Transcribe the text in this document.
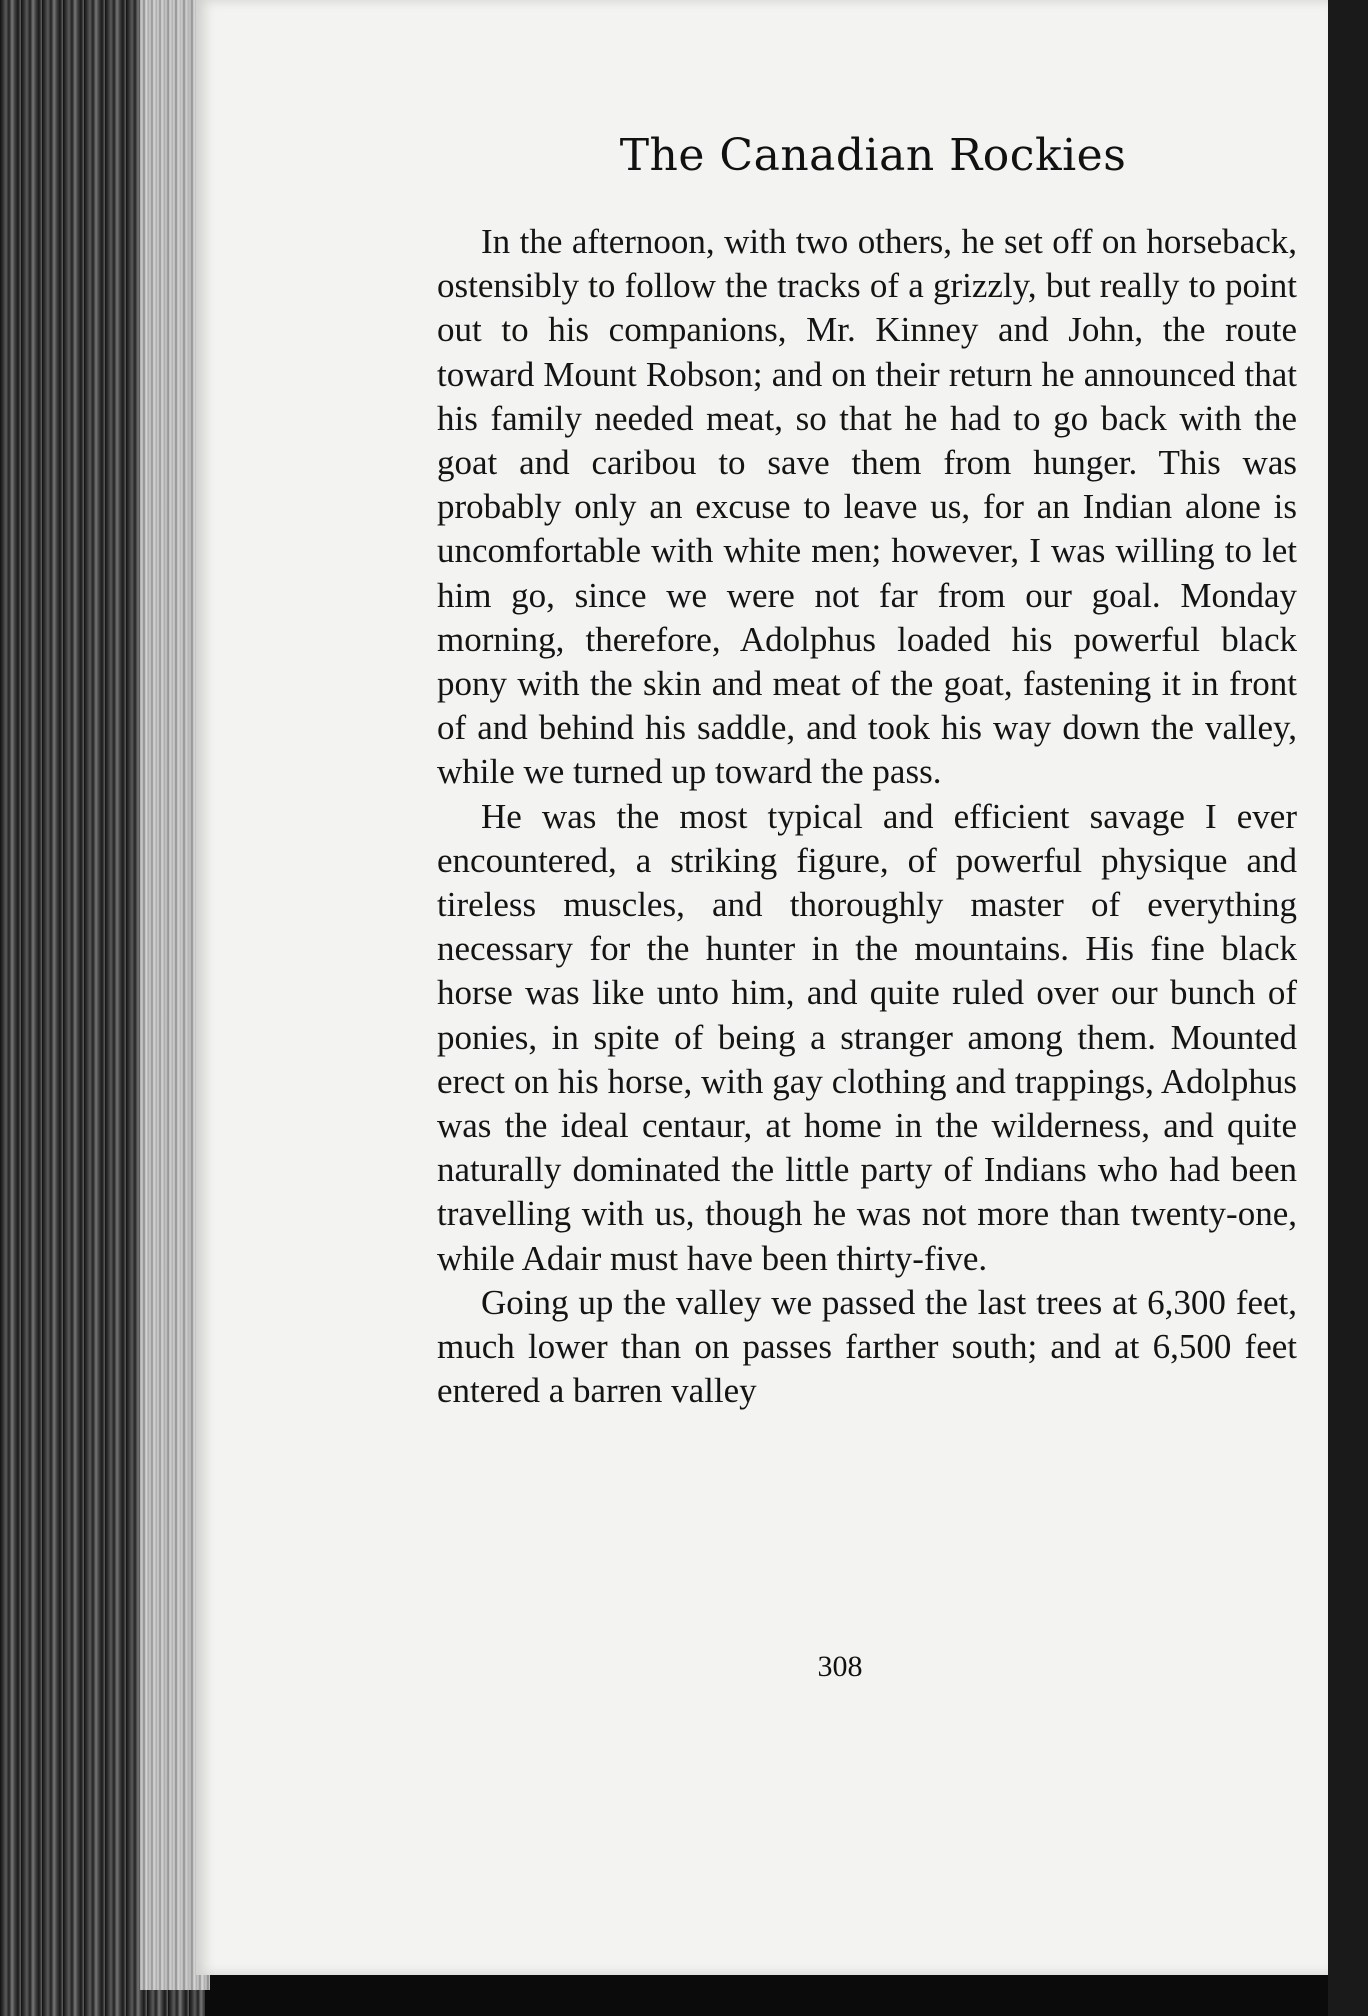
The Canadian Rockies

In the afternoon, with two others, he set off on horseback, ostensibly to follow the tracks of a grizzly, but really to point out to his companions, Mr. Kinney and John, the route toward Mount Robson; and on their return he announced that his family needed meat, so that he had to go back with the goat and caribou to save them from hunger. This was probably only an excuse to leave us, for an Indian alone is uncomfortable with white men; however, I was willing to let him go, since we were not far from our goal. Monday morning, therefore, Adolphus loaded his powerful black pony with the skin and meat of the goat, fastening it in front of and behind his saddle, and took his way down the valley, while we turned up toward the pass.

He was the most typical and efficient savage I ever encountered, a striking figure, of powerful physique and tireless muscles, and thoroughly master of everything necessary for the hunter in the mountains. His fine black horse was like unto him, and quite ruled over our bunch of ponies, in spite of being a stranger among them. Mounted erect on his horse, with gay clothing and trappings, Adolphus was the ideal centaur, at home in the wilderness, and quite naturally dominated the little party of Indians who had been travelling with us, though he was not more than twenty-one, while Adair must have been thirty-five.

Going up the valley we passed the last trees at 6,300 feet, much lower than on passes farther south; and at 6,500 feet entered a barren valley

308
